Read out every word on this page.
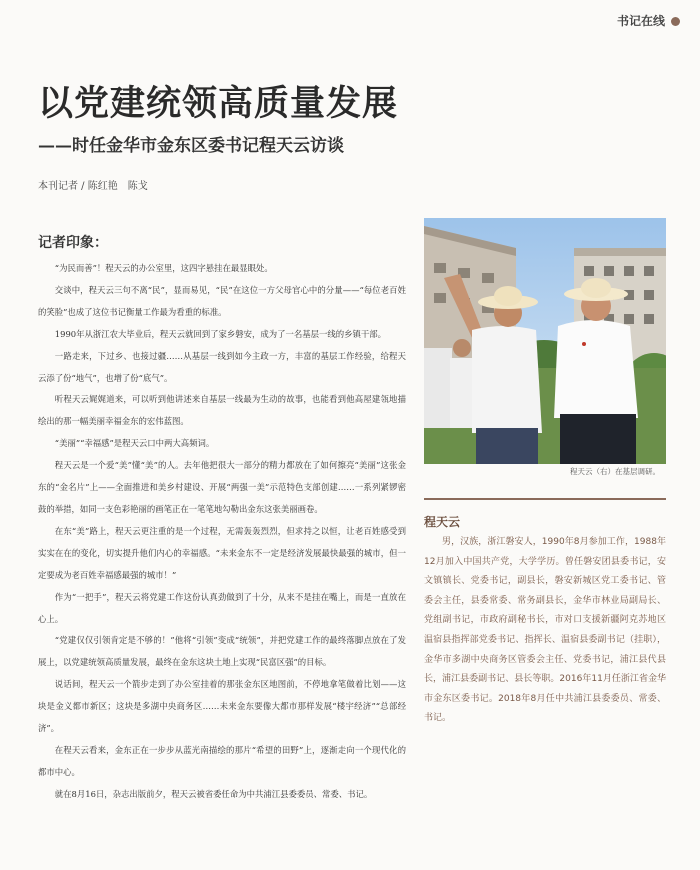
书记在线
以党建统领高质量发展
——时任金华市金东区委书记程天云访谈
本刊记者 / 陈红艳　陈戈
记者印象：

“为民而善”！程天云的办公室里，这四字悬挂在最显眼处。

交谈中，程天云三句不离“民”，显而易见，“民”在这位一方父母官心中的分量——“每位老百姓的笑脸”也成了这位书记衡量工作最为看重的标准。

1990年从浙江农大毕业后，程天云就回到了家乡磐安，成为了一名基层一线的乡镇干部。

一路走来，下过乡、也接过疆……从基层一线到如今主政一方，丰富的基层工作经验，给程天云添了份“地气”，也增了份“底气”。

听程天云娓娓道来，可以听到他讲述来自基层一线最为生动的故事，也能看到他高屋建瓴地描绘出的那一幅美丽幸福金东的宏伟蓝图。

“美丽”“幸福感”是程天云口中两大高频词。

程天云是一个爱“美”懂“美”的人。去年他把很大一部分的精力都放在了如何擦亮“美丽”这张金东的“金名片”上——全面推进和美乡村建设、开展“两强一美”示范特色支部创建……一系列紧锣密鼓的举措，如同一支色彩艳丽的画笔正在一笔笔地勾勒出金东这张美丽画卷。

在东“美”路上，程天云更注重的是一个过程，无需轰轰烈烈，但求持之以恒，让老百姓感受到实实在在的变化，切实提升他们内心的幸福感。“未来金东不一定是经济发展最快最强的城市，但一定要成为老百姓幸福感最强的城市！”

作为“一把手”，程天云将党建工作这份认真劲做到了十分，从来不是挂在嘴上，而是一直放在心上。

“党建仅仅引领肯定是不够的！”他将“引领”变成“统领”，并把党建工作的最终落脚点放在了发展上，以党建统领高质量发展，最终在金东这块土地上实现“民富区强”的目标。

说话间，程天云一个箭步走到了办公室挂着的那张金东区地图前，不停地拿笔做着比划——这块是金义都市新区；这块是多湖中央商务区……未来金东要像大都市那样发展“楼宇经济”“总部经济”。

在程天云看来，金东正在一步步从蓝光南描绘的那片“希望的田野”上，逐渐走向一个现代化的都市中心。

就在8月16日，杂志出版前夕，程天云被省委任命为中共浦江县委委员、常委、书记。

程天云（右）在基层调研。
程天云

男，汉族，浙江磐安人，1990年8月参加工作，1988年12月加入中国共产党，大学学历。曾任磐安团县委书记，安文镇镇长、党委书记，副县长，磐安新城区党工委书记、管委会主任，县委常委、常务副县长，金华市林业局副局长、党组副书记，市政府副秘书长，市对口支援新疆阿克苏地区温宿县指挥部党委书记、指挥长、温宿县委副书记（挂职），金华市多湖中央商务区管委会主任、党委书记，浦江县代县长，浦江县委副书记、县长等职。2016年11月任浙江省金华市金东区委书记。2018年8月任中共浦江县委委员、常委、书记。
